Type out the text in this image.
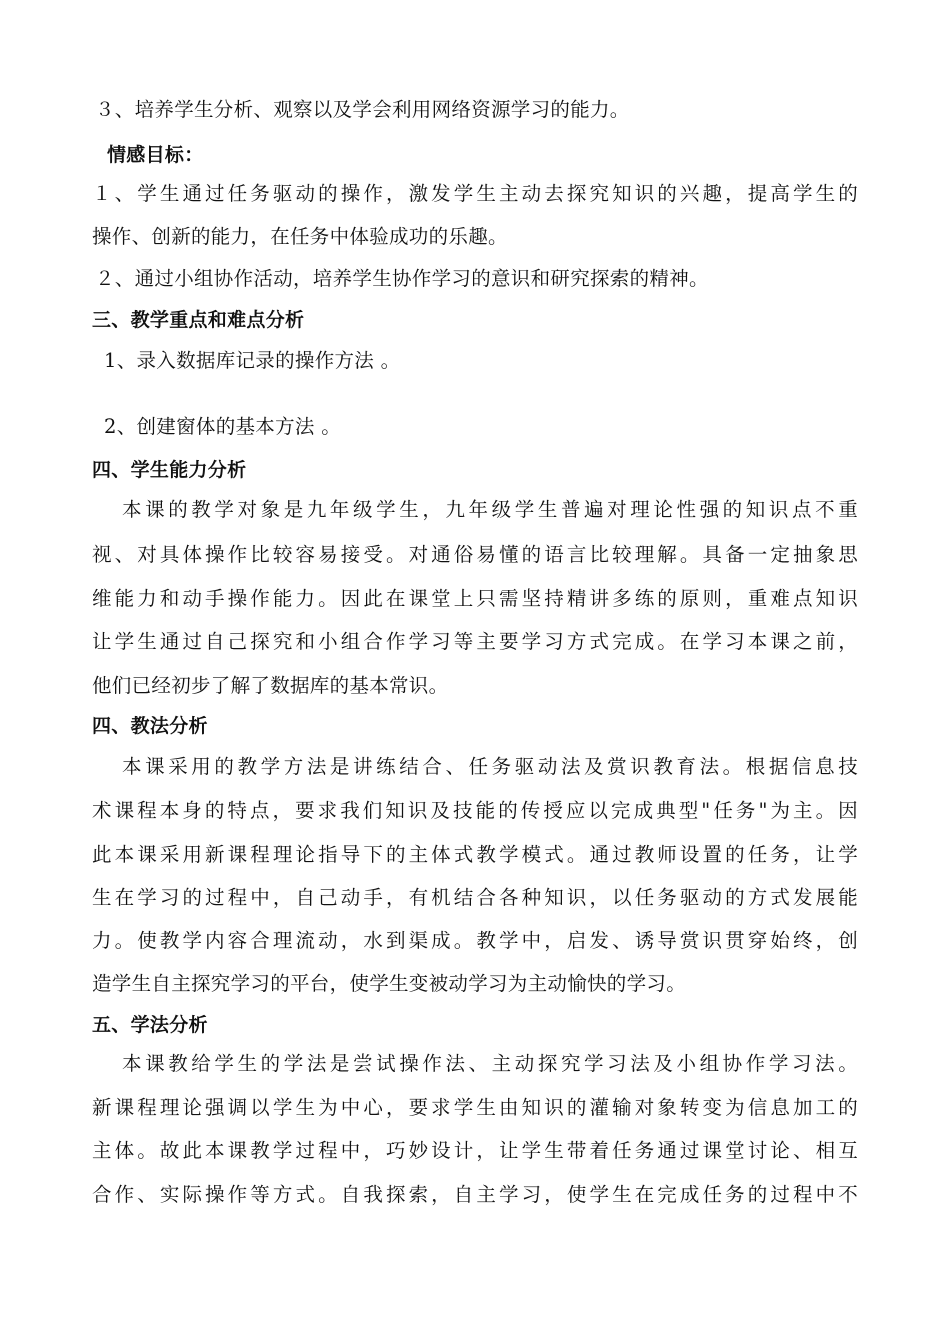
３、培养学生分析、观察以及学会利用网络资源学习的能力。
情感目标：
１、学生通过任务驱动的操作，激发学生主动去探究知识的兴趣，提高学生的
操作、创新的能力，在任务中体验成功的乐趣。
２、通过小组协作活动，培养学生协作学习的意识和研究探索的精神。
三、教学重点和难点分析
1、录入数据库记录的操作方法 。
2、创建窗体的基本方法 。
四、学生能力分析
本课的教学对象是九年级学生，九年级学生普遍对理论性强的知识点不重
视、对具体操作比较容易接受。对通俗易懂的语言比较理解。具备一定抽象思
维能力和动手操作能力。因此在课堂上只需坚持精讲多练的原则，重难点知识
让学生通过自己探究和小组合作学习等主要学习方式完成。在学习本课之前，
他们已经初步了解了数据库的基本常识。
四、教法分析
本课采用的教学方法是讲练结合、任务驱动法及赏识教育法。根据信息技
术课程本身的特点，要求我们知识及技能的传授应以完成典型"任务"为主。因
此本课采用新课程理论指导下的主体式教学模式。通过教师设置的任务，让学
生在学习的过程中，自己动手，有机结合各种知识，以任务驱动的方式发展能
力。使教学内容合理流动，水到渠成。教学中，启发、诱导赏识贯穿始终，创
造学生自主探究学习的平台，使学生变被动学习为主动愉快的学习。
五、学法分析
本课教给学生的学法是尝试操作法、主动探究学习法及小组协作学习法。
新课程理论强调以学生为中心，要求学生由知识的灌输对象转变为信息加工的
主体。故此本课教学过程中，巧妙设计，让学生带着任务通过课堂讨论、相互
合作、实际操作等方式。自我探索，自主学习，使学生在完成任务的过程中不
